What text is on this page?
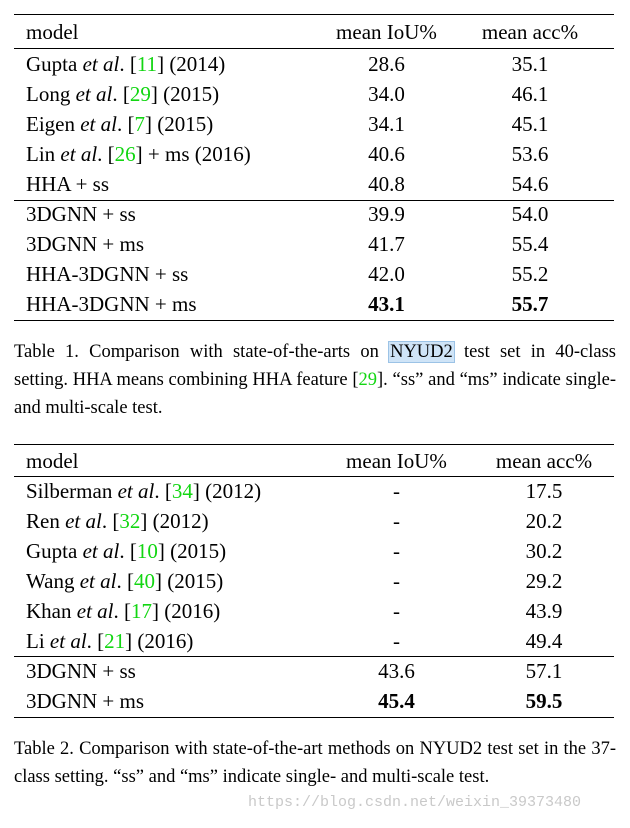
model	mean IoU%	mean acc%
Gupta et al. [11] (2014)	28.6	35.1
Long et al. [29] (2015)	34.0	46.1
Eigen et al. [7] (2015)	34.1	45.1
Lin et al. [26] + ms (2016)	40.6	53.6
HHA + ss	40.8	54.6
3DGNN + ss	39.9	54.0
3DGNN + ms	41.7	55.4
HHA-3DGNN + ss	42.0	55.2
HHA-3DGNN + ms	43.1	55.7
Table 1. Comparison with state-of-the-arts on NYUD2 test set in 40-class setting. HHA means combining HHA feature [29]. “ss” and “ms” indicate single- and multi-scale test.
model	mean IoU%	mean acc%
Silberman et al. [34] (2012)	-	17.5
Ren et al. [32] (2012)	-	20.2
Gupta et al. [10] (2015)	-	30.2
Wang et al. [40] (2015)	-	29.2
Khan et al. [17] (2016)	-	43.9
Li et al. [21] (2016)	-	49.4
3DGNN + ss	43.6	57.1
3DGNN + ms	45.4	59.5
Table 2. Comparison with state-of-the-art methods on NYUD2 test set in the 37-class setting. “ss” and “ms” indicate single- and multi-scale test.
https://blog.csdn.net/weixin_39373480
